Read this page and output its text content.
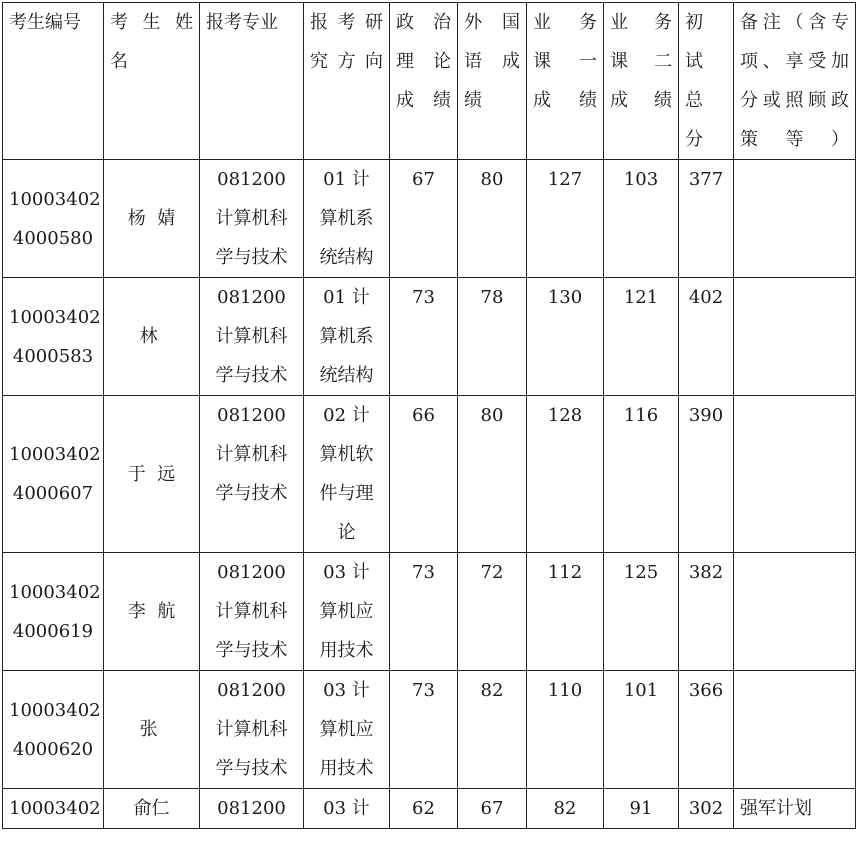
考生编号	考生姓
名	报考专业	报考研
究方向	政治
理论
成绩	外国
语成
绩	业务
课一
成绩	业务
课二
成绩	初
试
总
分	备注（含专
项、享受加
分或照顾政
策等）

10003402
4000580	杨  婧	081200
计算机科
学与技术	01 计
算机系
统结构	67	80	127	103	377	

10003402
4000583	林	081200
计算机科
学与技术	01 计
算机系
统结构	73	78	130	121	402	

10003402
4000607	于  远	081200
计算机科
学与技术	02 计
算机软
件与理
论	66	80	128	116	390	

10003402
4000619	李  航	081200
计算机科
学与技术	03 计
算机应
用技术	73	72	112	125	382	

10003402
4000620	张	081200
计算机科
学与技术	03 计
算机应
用技术	73	82	110	101	366	

10003402	俞仁	081200	03 计	62	67	82	91	302	强军计划
